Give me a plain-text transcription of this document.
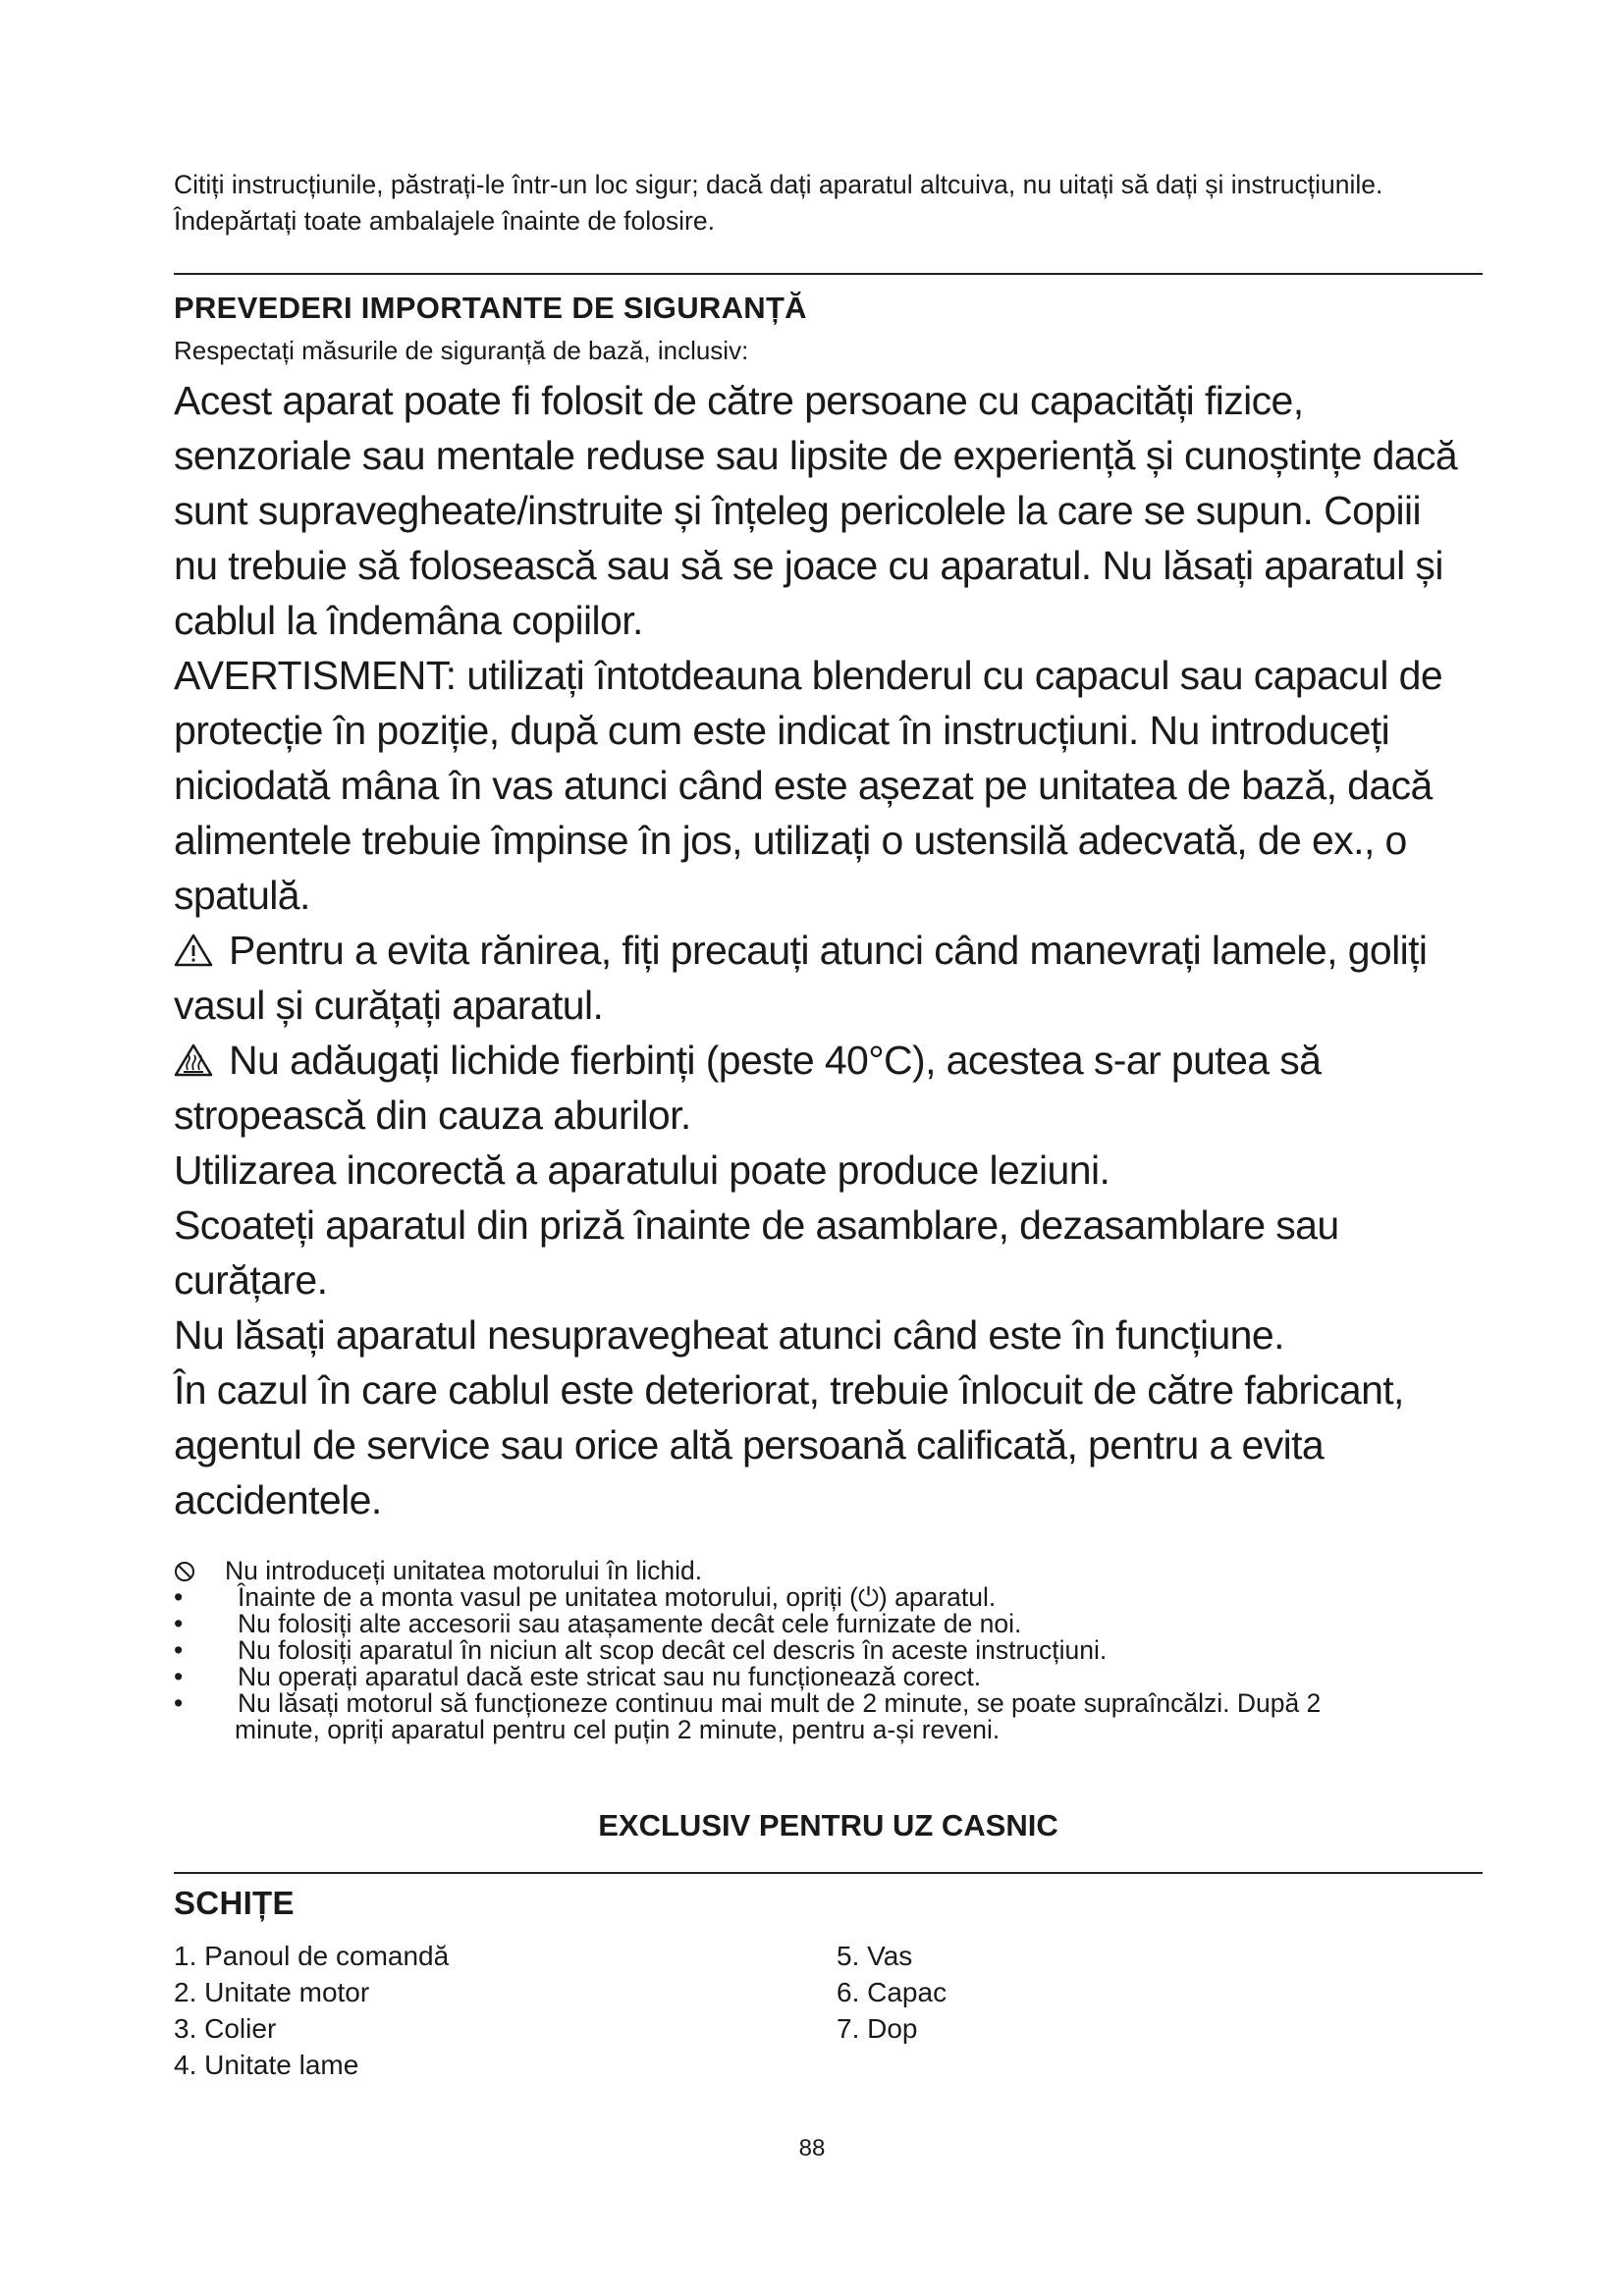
Citiți instrucțiunile, păstrați-le într-un loc sigur; dacă dați aparatul altcuiva, nu uitați să dați și instrucțiunile.
Îndepărtați toate ambalajele înainte de folosire.
PREVEDERI IMPORTANTE DE SIGURANȚĂ
Respectați măsurile de siguranță de bază, inclusiv:
Acest aparat poate fi folosit de către persoane cu capacități fizice,
senzoriale sau mentale reduse sau lipsite de experiență și cunoștințe dacă
sunt supravegheate/instruite și înțeleg pericolele la care se supun. Copiii
nu trebuie să folosească sau să se joace cu aparatul. Nu lăsați aparatul și
cablul la îndemâna copiilor.
AVERTISMENT: utilizați întotdeauna blenderul cu capacul sau capacul de
protecție în poziție, după cum este indicat în instrucțiuni. Nu introduceți
niciodată mâna în vas atunci când este așezat pe unitatea de bază, dacă
alimentele trebuie împinse în jos, utilizați o ustensilă adecvată, de ex., o
spatulă.
Pentru a evita rănirea, fiți precauți atunci când manevrați lamele, goliți
vasul și curățați aparatul.
Nu adăugați lichide fierbinți (peste 40°C), acestea s-ar putea să
stropească din cauza aburilor.
Utilizarea incorectă a aparatului poate produce leziuni.
Scoateți aparatul din priză înainte de asamblare, dezasamblare sau
curățare.
Nu lăsați aparatul nesupravegheat atunci când este în funcțiune.
În cazul în care cablul este deteriorat, trebuie înlocuit de către fabricant,
agentul de service sau orice altă persoană calificată, pentru a evita
accidentele.
Nu introduceți unitatea motorului în lichid.
•	Înainte de a monta vasul pe unitatea motorului, opriți (⏻) aparatul.
•	Nu folosiți alte accesorii sau atașamente decât cele furnizate de noi.
•	Nu folosiți aparatul în niciun alt scop decât cel descris în aceste instrucțiuni.
•	Nu operați aparatul dacă este stricat sau nu funcționează corect.
•	Nu lăsați motorul să funcționeze continuu mai mult de 2 minute, se poate supraîncălzi. După 2
minute, opriți aparatul pentru cel puțin 2 minute, pentru a-și reveni.
EXCLUSIV PENTRU UZ CASNIC
SCHIȚE
1. Panoul de comandă
2. Unitate motor
3. Colier
4. Unitate lame
5. Vas
6. Capac
7. Dop
88
